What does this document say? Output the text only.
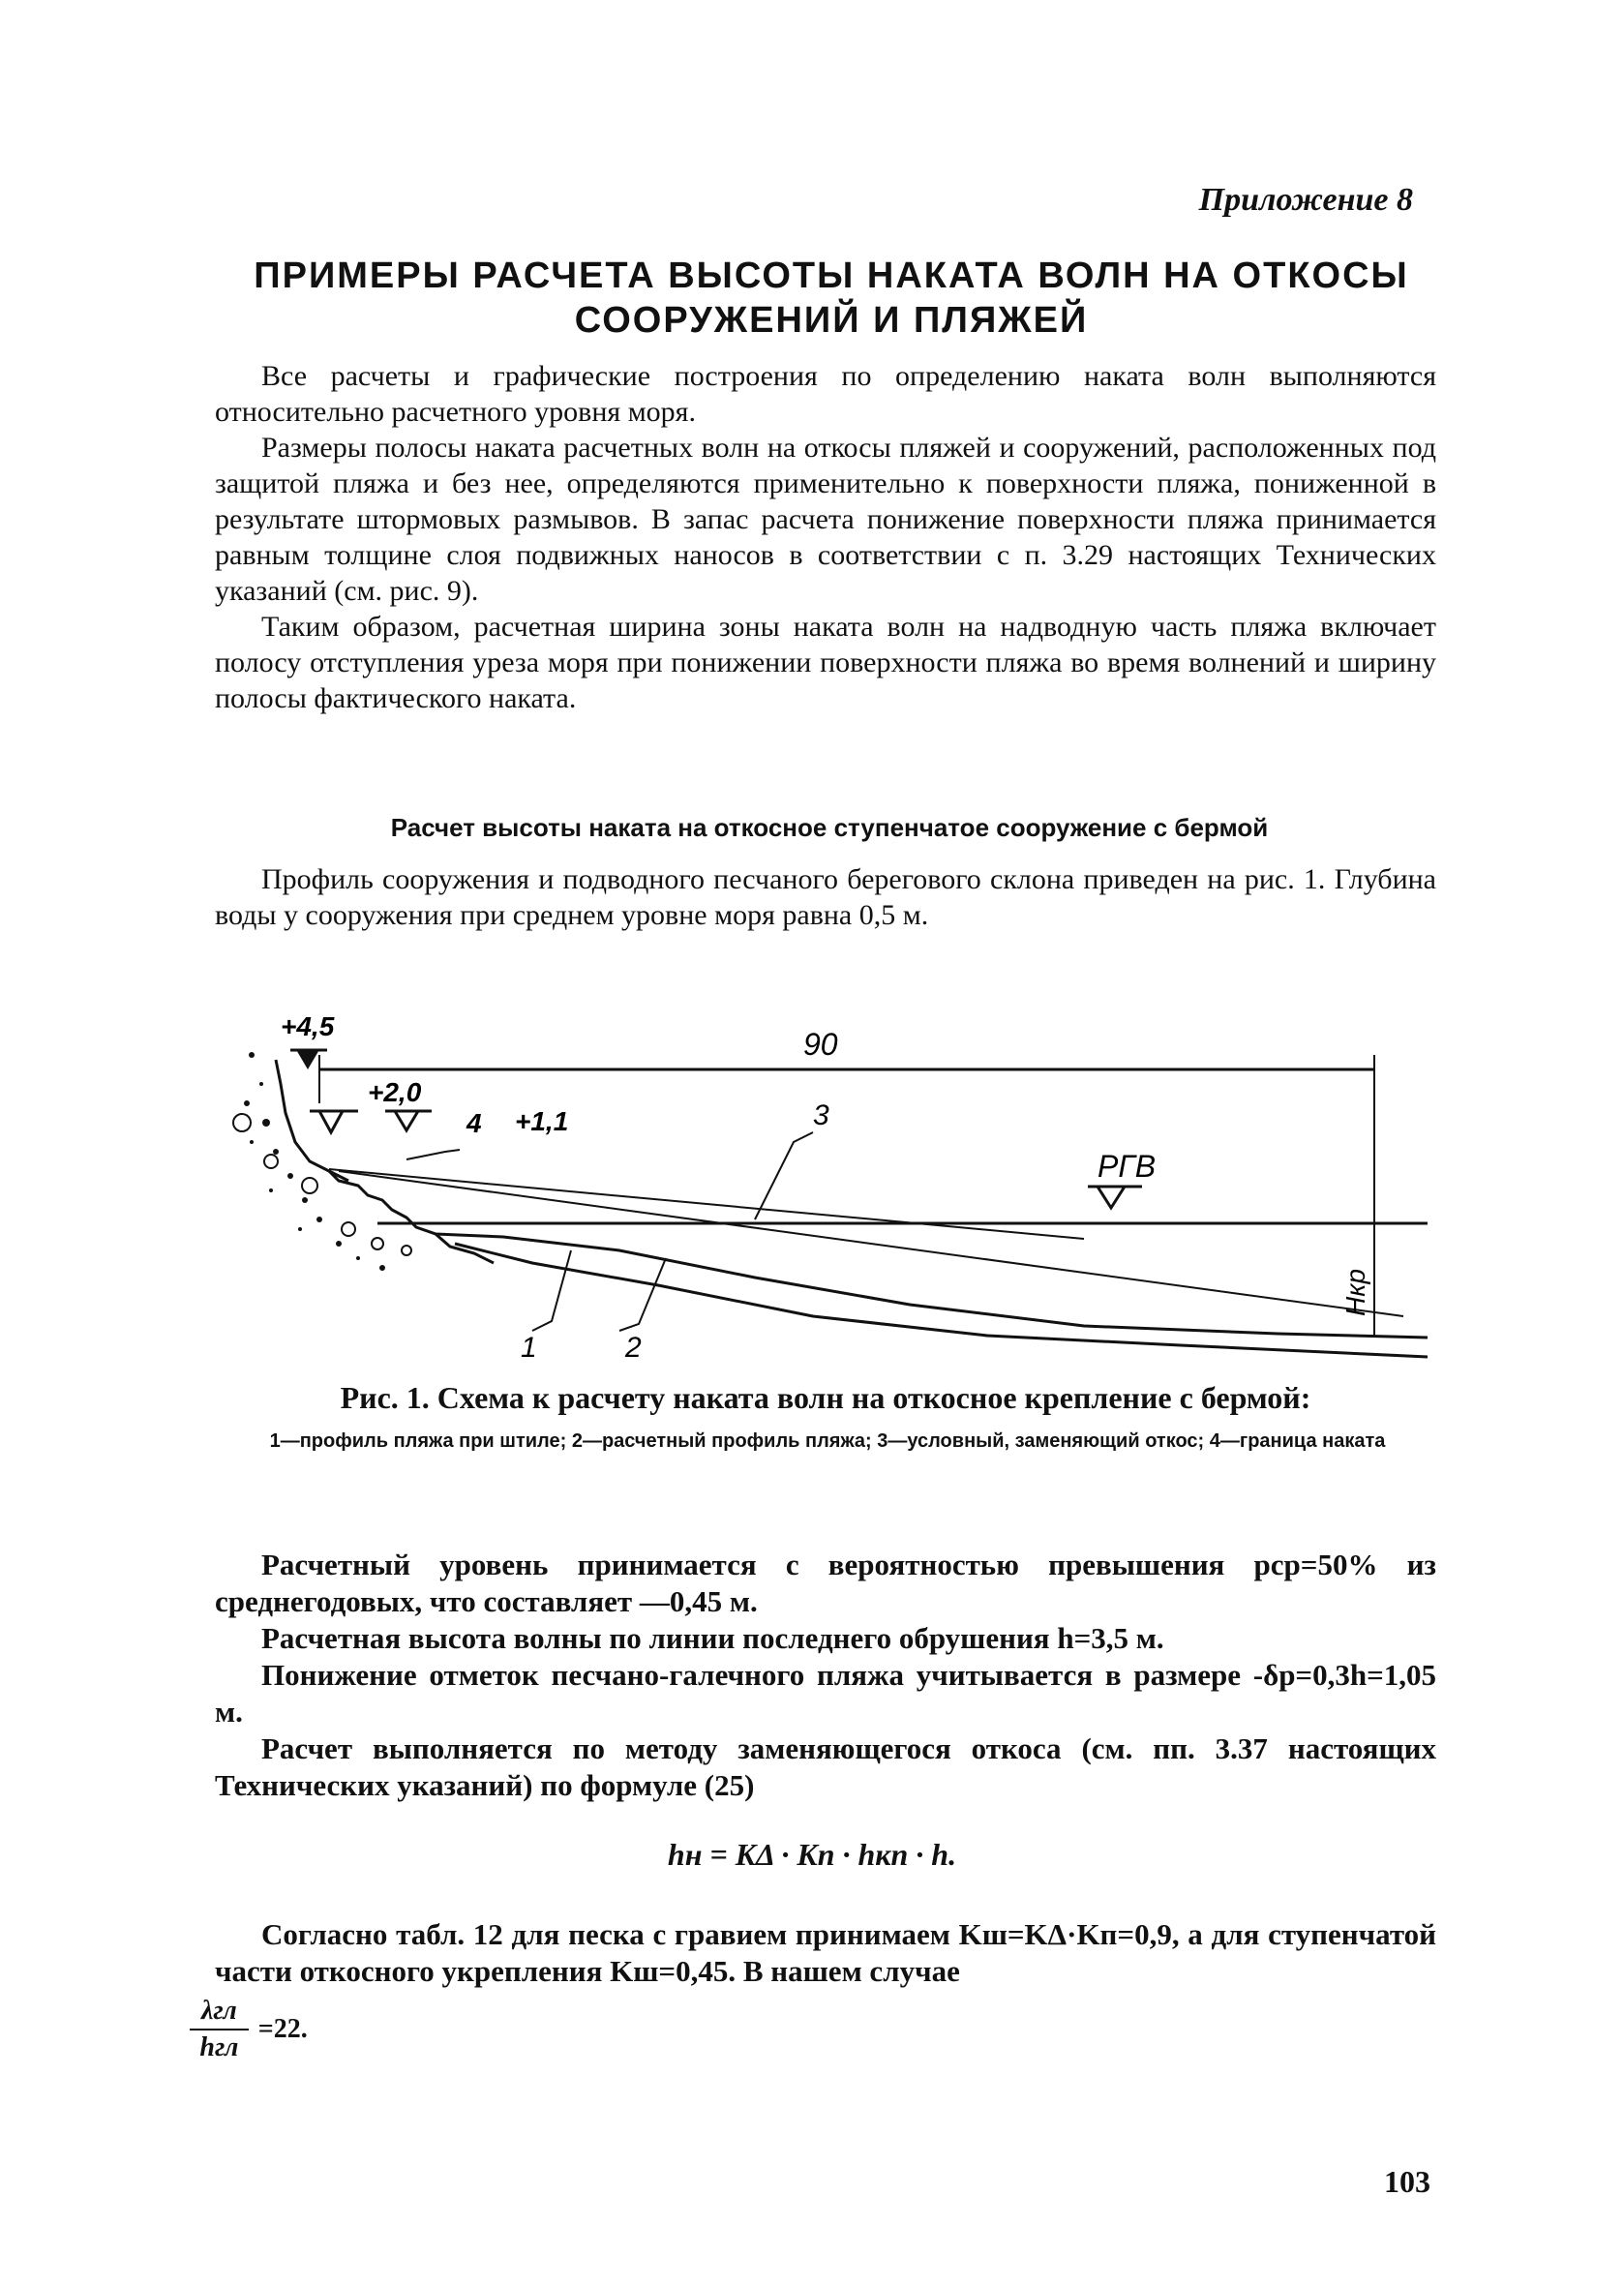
Приложение 8
ПРИМЕРЫ РАСЧЕТА ВЫСОТЫ НАКАТА ВОЛН НА ОТКОСЫ
СООРУЖЕНИЙ И ПЛЯЖЕЙ

Все расчеты и графические построения по определению наката волн выполняются относительно расчетного уровня моря.

Размеры полосы наката расчетных волн на откосы пляжей и сооружений, расположенных под защитой пляжа и без нее, определяются применительно к поверхности пляжа, пониженной в результате штормовых размывов. В запас расчета понижение поверхности пляжа принимается равным толщине слоя подвижных наносов в соответствии с п. 3.29 настоящих Технических указаний (см. рис. 9).

Таким образом, расчетная ширина зоны наката волн на надводную часть пляжа включает полосу отступления уреза моря при понижении поверхности пляжа во время волнений и ширину полосы фактического наката.

Расчет высоты наката на откосное ступенчатое сооружение с бермой

Профиль сооружения и подводного песчаного берегового склона приведен на рис. 1. Глубина воды у сооружения при среднем уровне моря равна 0,5 м.

+4,5
90
+2,0
+1,1
РГВ
Hкр
1	2
3
4
Рис. 1. Схема к расчету наката волн на откосное крепление с бермой:
1—профиль пляжа при штиле; 2—расчетный профиль пляжа; 3—условный, заменяющий откос; 4—граница наката

Расчетный уровень принимается с вероятностью превышения pср=50% из среднегодовых, что составляет —0,45 м.

Расчетная высота волны по линии последнего обрушения h=3,5 м.

Понижение отметок песчано-галечного пляжа учитывается в размере -δр=0,3h=1,05 м.

Расчет выполняется по методу заменяющегося откоса (см. пп. 3.37 настоящих Технических указаний) по формуле (25)

hн = KΔ · Kп · hкп · h.

Согласно табл. 12 для песка с гравием принимаем Kш=KΔ·Kп=0,9, а для ступенчатой части откосного укрепления Kш=0,45. В нашем случае

$\frac{\text{λгл}}{\text{hгл}} =22$.
103
